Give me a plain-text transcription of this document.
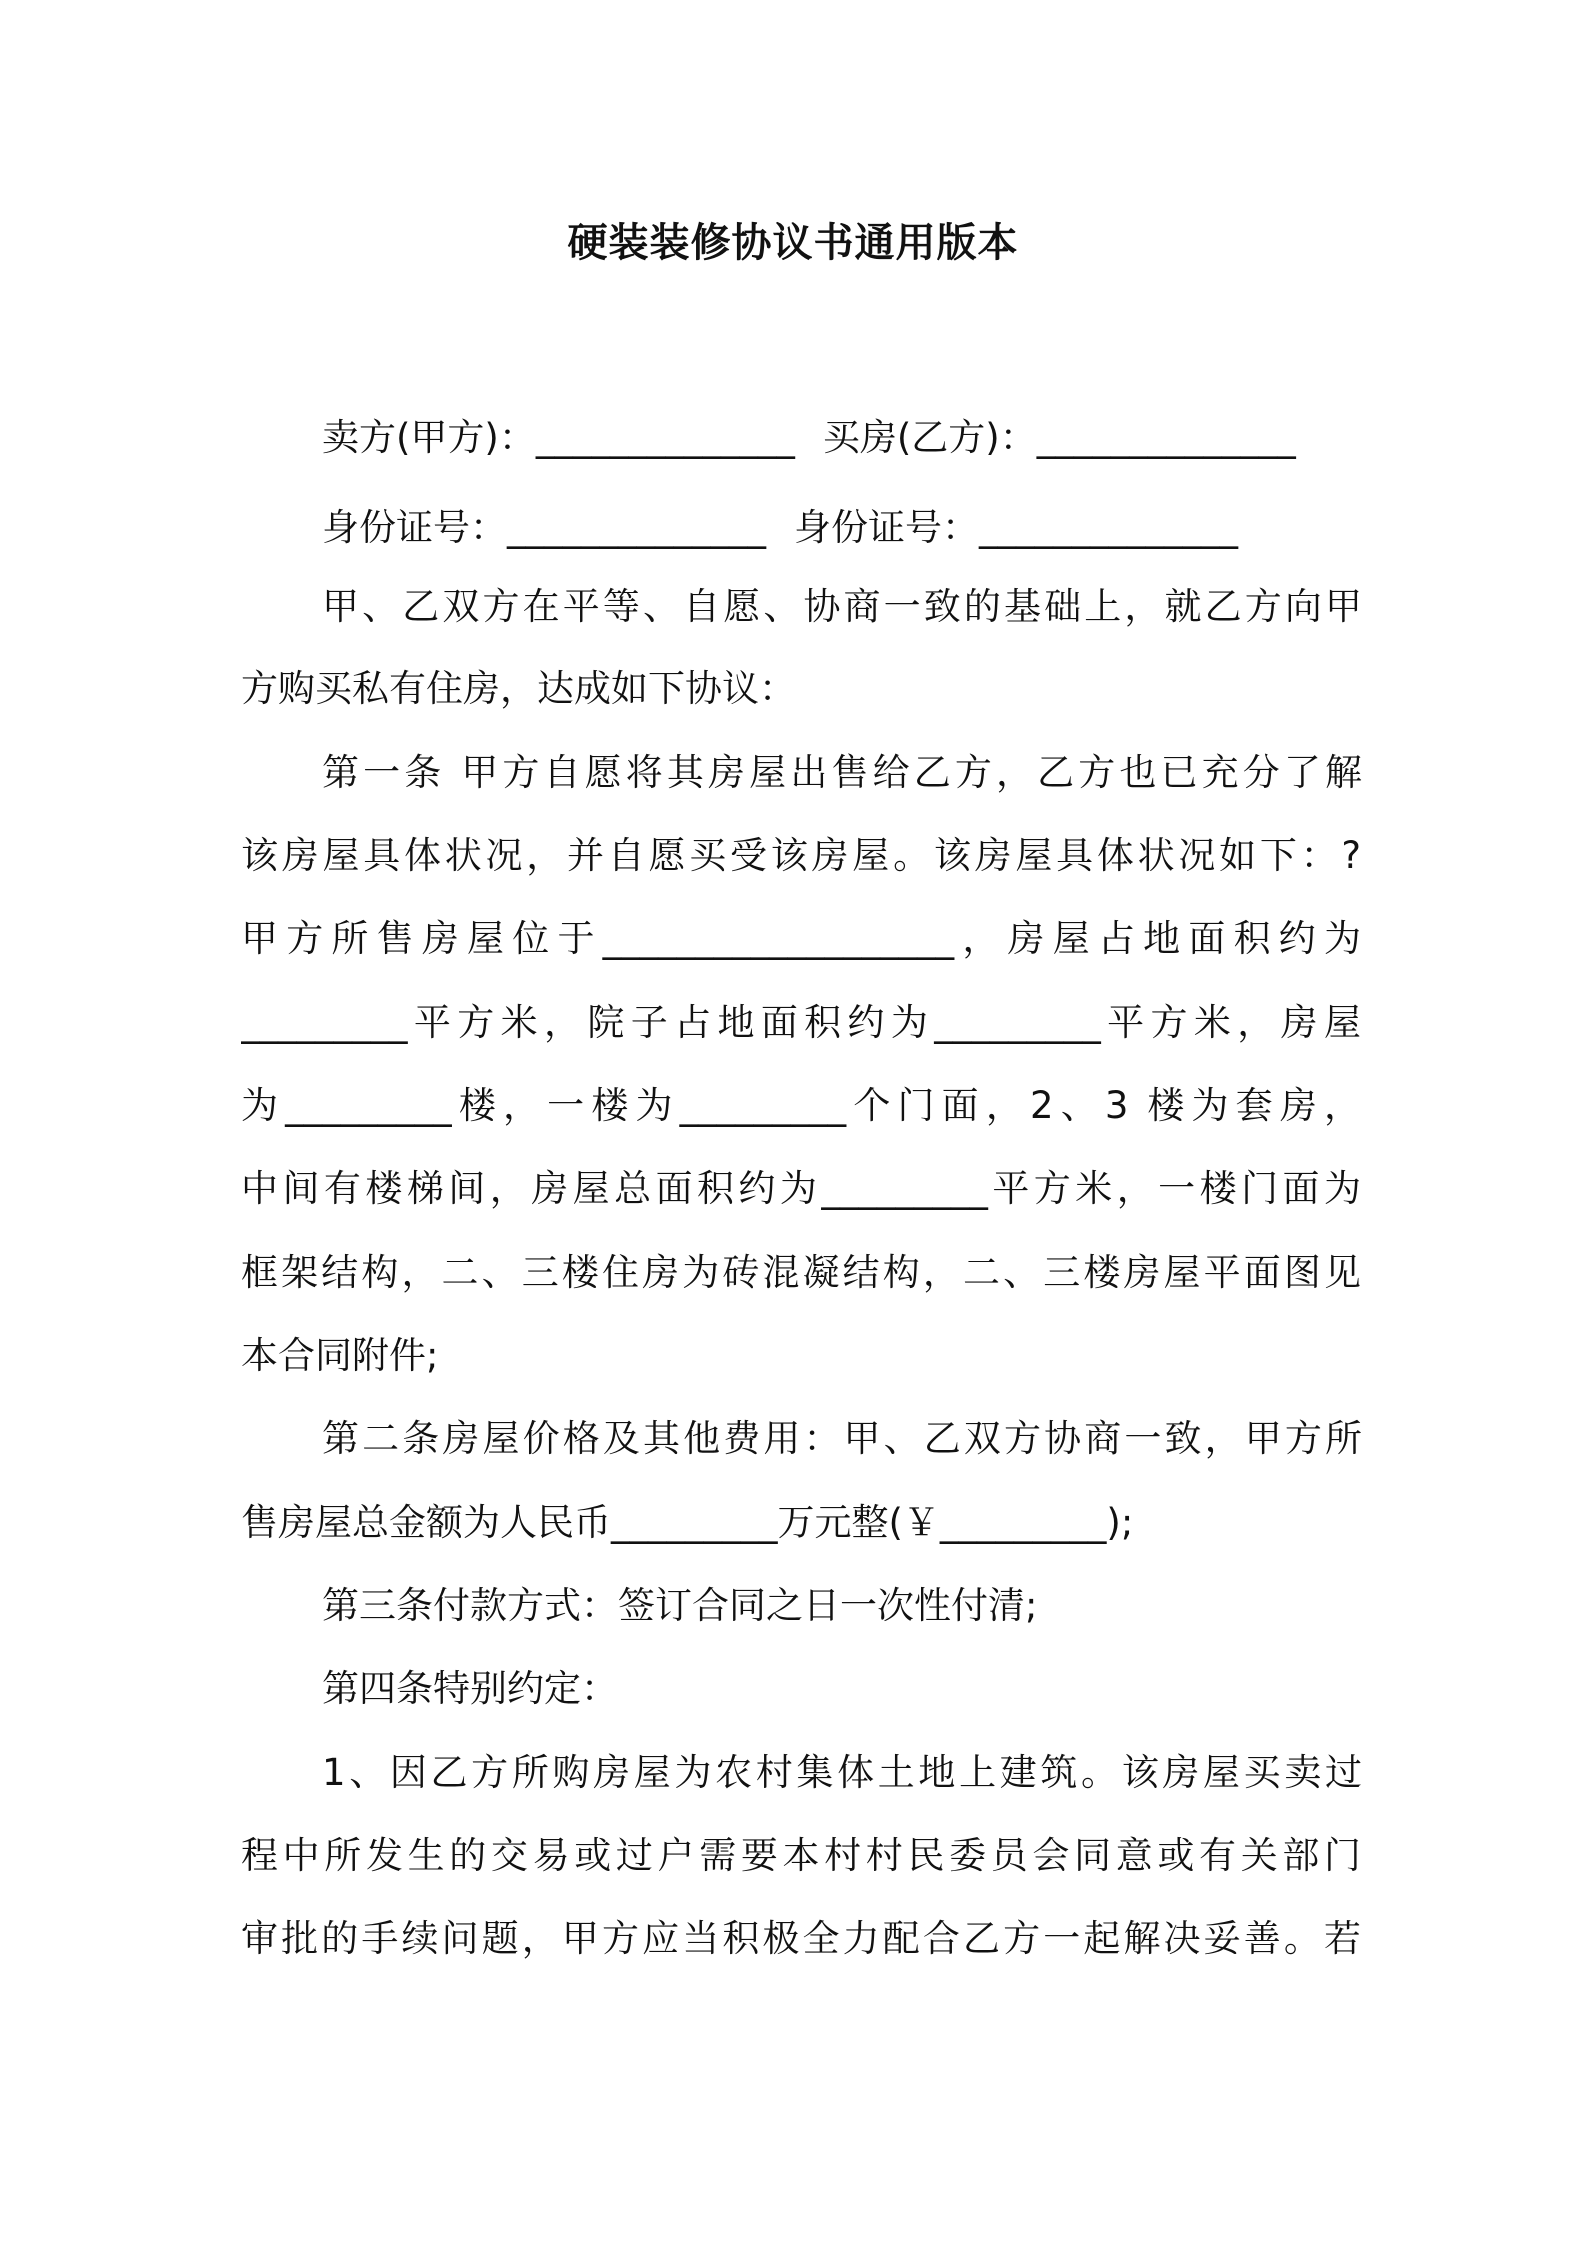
硬装装修协议书通用版本
卖方(甲方)： ______________ 买房(乙方)： ______________
身份证号： ______________ 身份证号： ______________
甲、乙双方在平等、自愿、协商一致的基础上，就乙方向甲
方购买私有住房，达成如下协议：
第一条 甲方自愿将其房屋出售给乙方，乙方也已充分了解
该房屋具体状况，并自愿买受该房屋。该房屋具体状况如下：?
甲方所售房屋位于___________________，房屋占地面积约为
_________平方米，院子占地面积约为_________平方米，房屋
为_________楼，一楼为_________个门面，2、3 楼为套房，
中间有楼梯间，房屋总面积约为_________平方米，一楼门面为
框架结构，二、三楼住房为砖混凝结构，二、三楼房屋平面图见
本合同附件;
第二条房屋价格及其他费用：甲、乙双方协商一致，甲方所
售房屋总金额为人民币_________万元整(￥_________);
第三条付款方式：签订合同之日一次性付清;
第四条特别约定：
1、因乙方所购房屋为农村集体土地上建筑。该房屋买卖过
程中所发生的交易或过户需要本村村民委员会同意或有关部门
审批的手续问题，甲方应当积极全力配合乙方一起解决妥善。若
